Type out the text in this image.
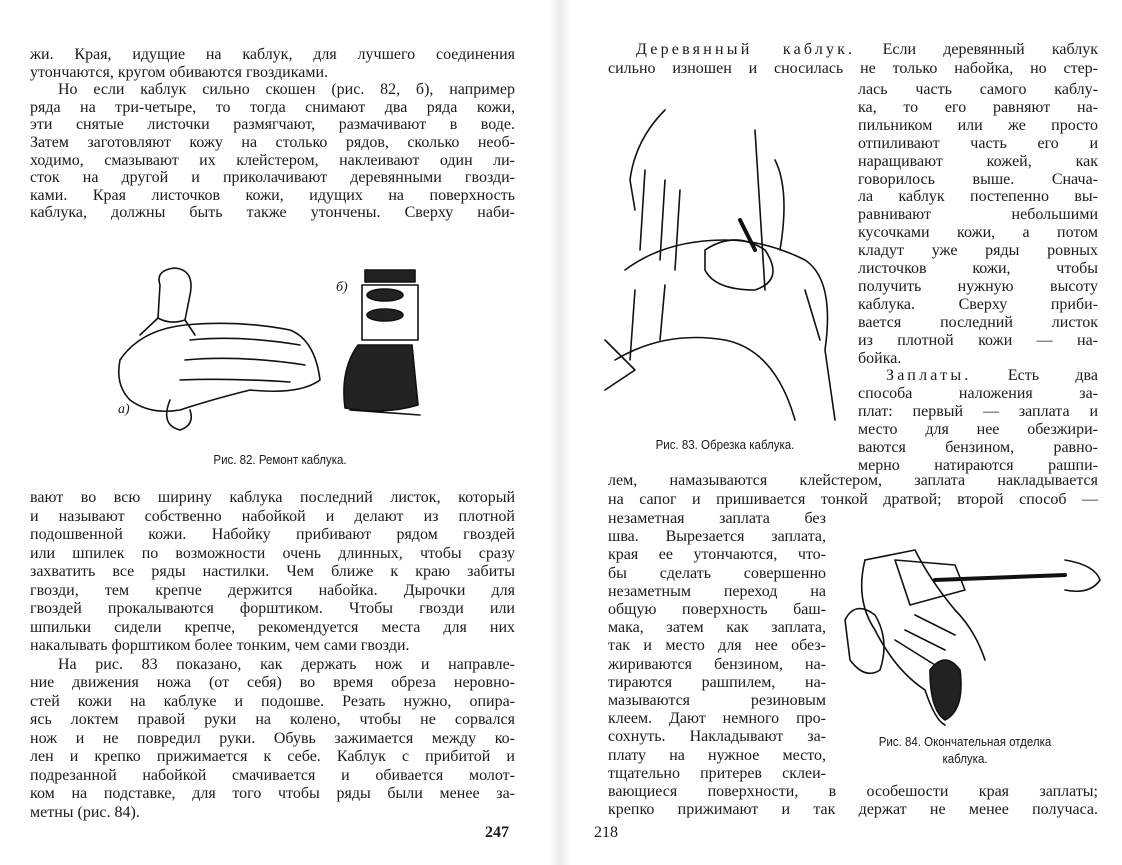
жи. Края, идущие на каблук, для лучшего соединения
утончаются, кругом обиваются гвоздиками.
Но если каблук сильно скошен (рис. 82, б), например
ряда на три-четыре, то тогда снимают два ряда кожи,
эти снятые листочки размягчают, размачивают в воде.
Затем заготовляют кожу на столько рядов, сколько необ-
ходимо, смазывают их клейстером, наклеивают один ли-
сток на другой и приколачивают деревянными гвозди-
ками. Края листочков кожи, идущих на поверхность
каблука, должны быть также утончены. Сверху наби-
вают во всю ширину каблука последний листок, который
и называют собственно набойкой и делают из плотной
подошвенной кожи. Набойку прибивают рядом гвоздей
или шпилек по возможности очень длинных, чтобы сразу
захватить все ряды настилки. Чем ближе к краю забиты
гвозди, тем крепче держится набойка. Дырочки для
гвоздей прокалываются форштиком. Чтобы гвозди или
шпильки сидели крепче, рекомендуется места для них
накалывать форштиком более тонким, чем сами гвозди.
На рис. 83 показано, как держать нож и направле-
ние движения ножа (от себя) во время обреза неровно-
стей кожи на каблуке и подошве. Резать нужно, опира-
ясь локтем правой руки на колено, чтобы не сорвался
нож и не повредил руки. Обувь зажимается между ко-
лен и крепко прижимается к себе. Каблук с прибитой и
подрезанной набойкой смачивается и обивается молот-
ком на подставке, для того чтобы ряды были менее за-
метны (рис. 84).
Деревянный каблук. Если деревянный каблук
сильно изношен и сносилась не только набойка, но стер-
лась часть самого каблу-
ка, то его равняют на-
пильником или же просто
отпиливают часть его и
наращивают кожей, как
говорилось выше. Снача-
ла каблук постепенно вы-
равнивают небольшими
кусочками кожи, а потом
кладут уже ряды ровных
листочков кожи, чтобы
получить нужную высоту
каблука. Сверху приби-
вается последний листок
из плотной кожи — на-
бойка.
Заплаты. Есть два
способа наложения за-
плат: первый — заплата и
место для нее обезжири-
ваются бензином, равно-
мерно натираются рашпи-
лем, намазываются клейстером, заплата накладывается
на сапог и пришивается тонкой дратвой; второй способ —
незаметная заплата без
шва. Вырезается заплата,
края ее утончаются, что-
бы сделать совершенно
незаметным переход на
общую поверхность баш-
мака, затем как заплата,
так и место для нее обез-
жириваются бензином, на-
тираются рашпилем, на-
мазываются резиновым
клеем. Дают немного про-
сохнуть. Накладывают за-
плату на нужное место,
тщательно притерев склеи-
вающиеся поверхности, в особешости края заплаты;
крепко прижимают и так держат не менее получаса.
а)
б)
Рис. 82. Ремонт каблука.
Рис. 83. Обрезка каблука.
Рис. 84. Окончательная отделка
каблука.
247	218
